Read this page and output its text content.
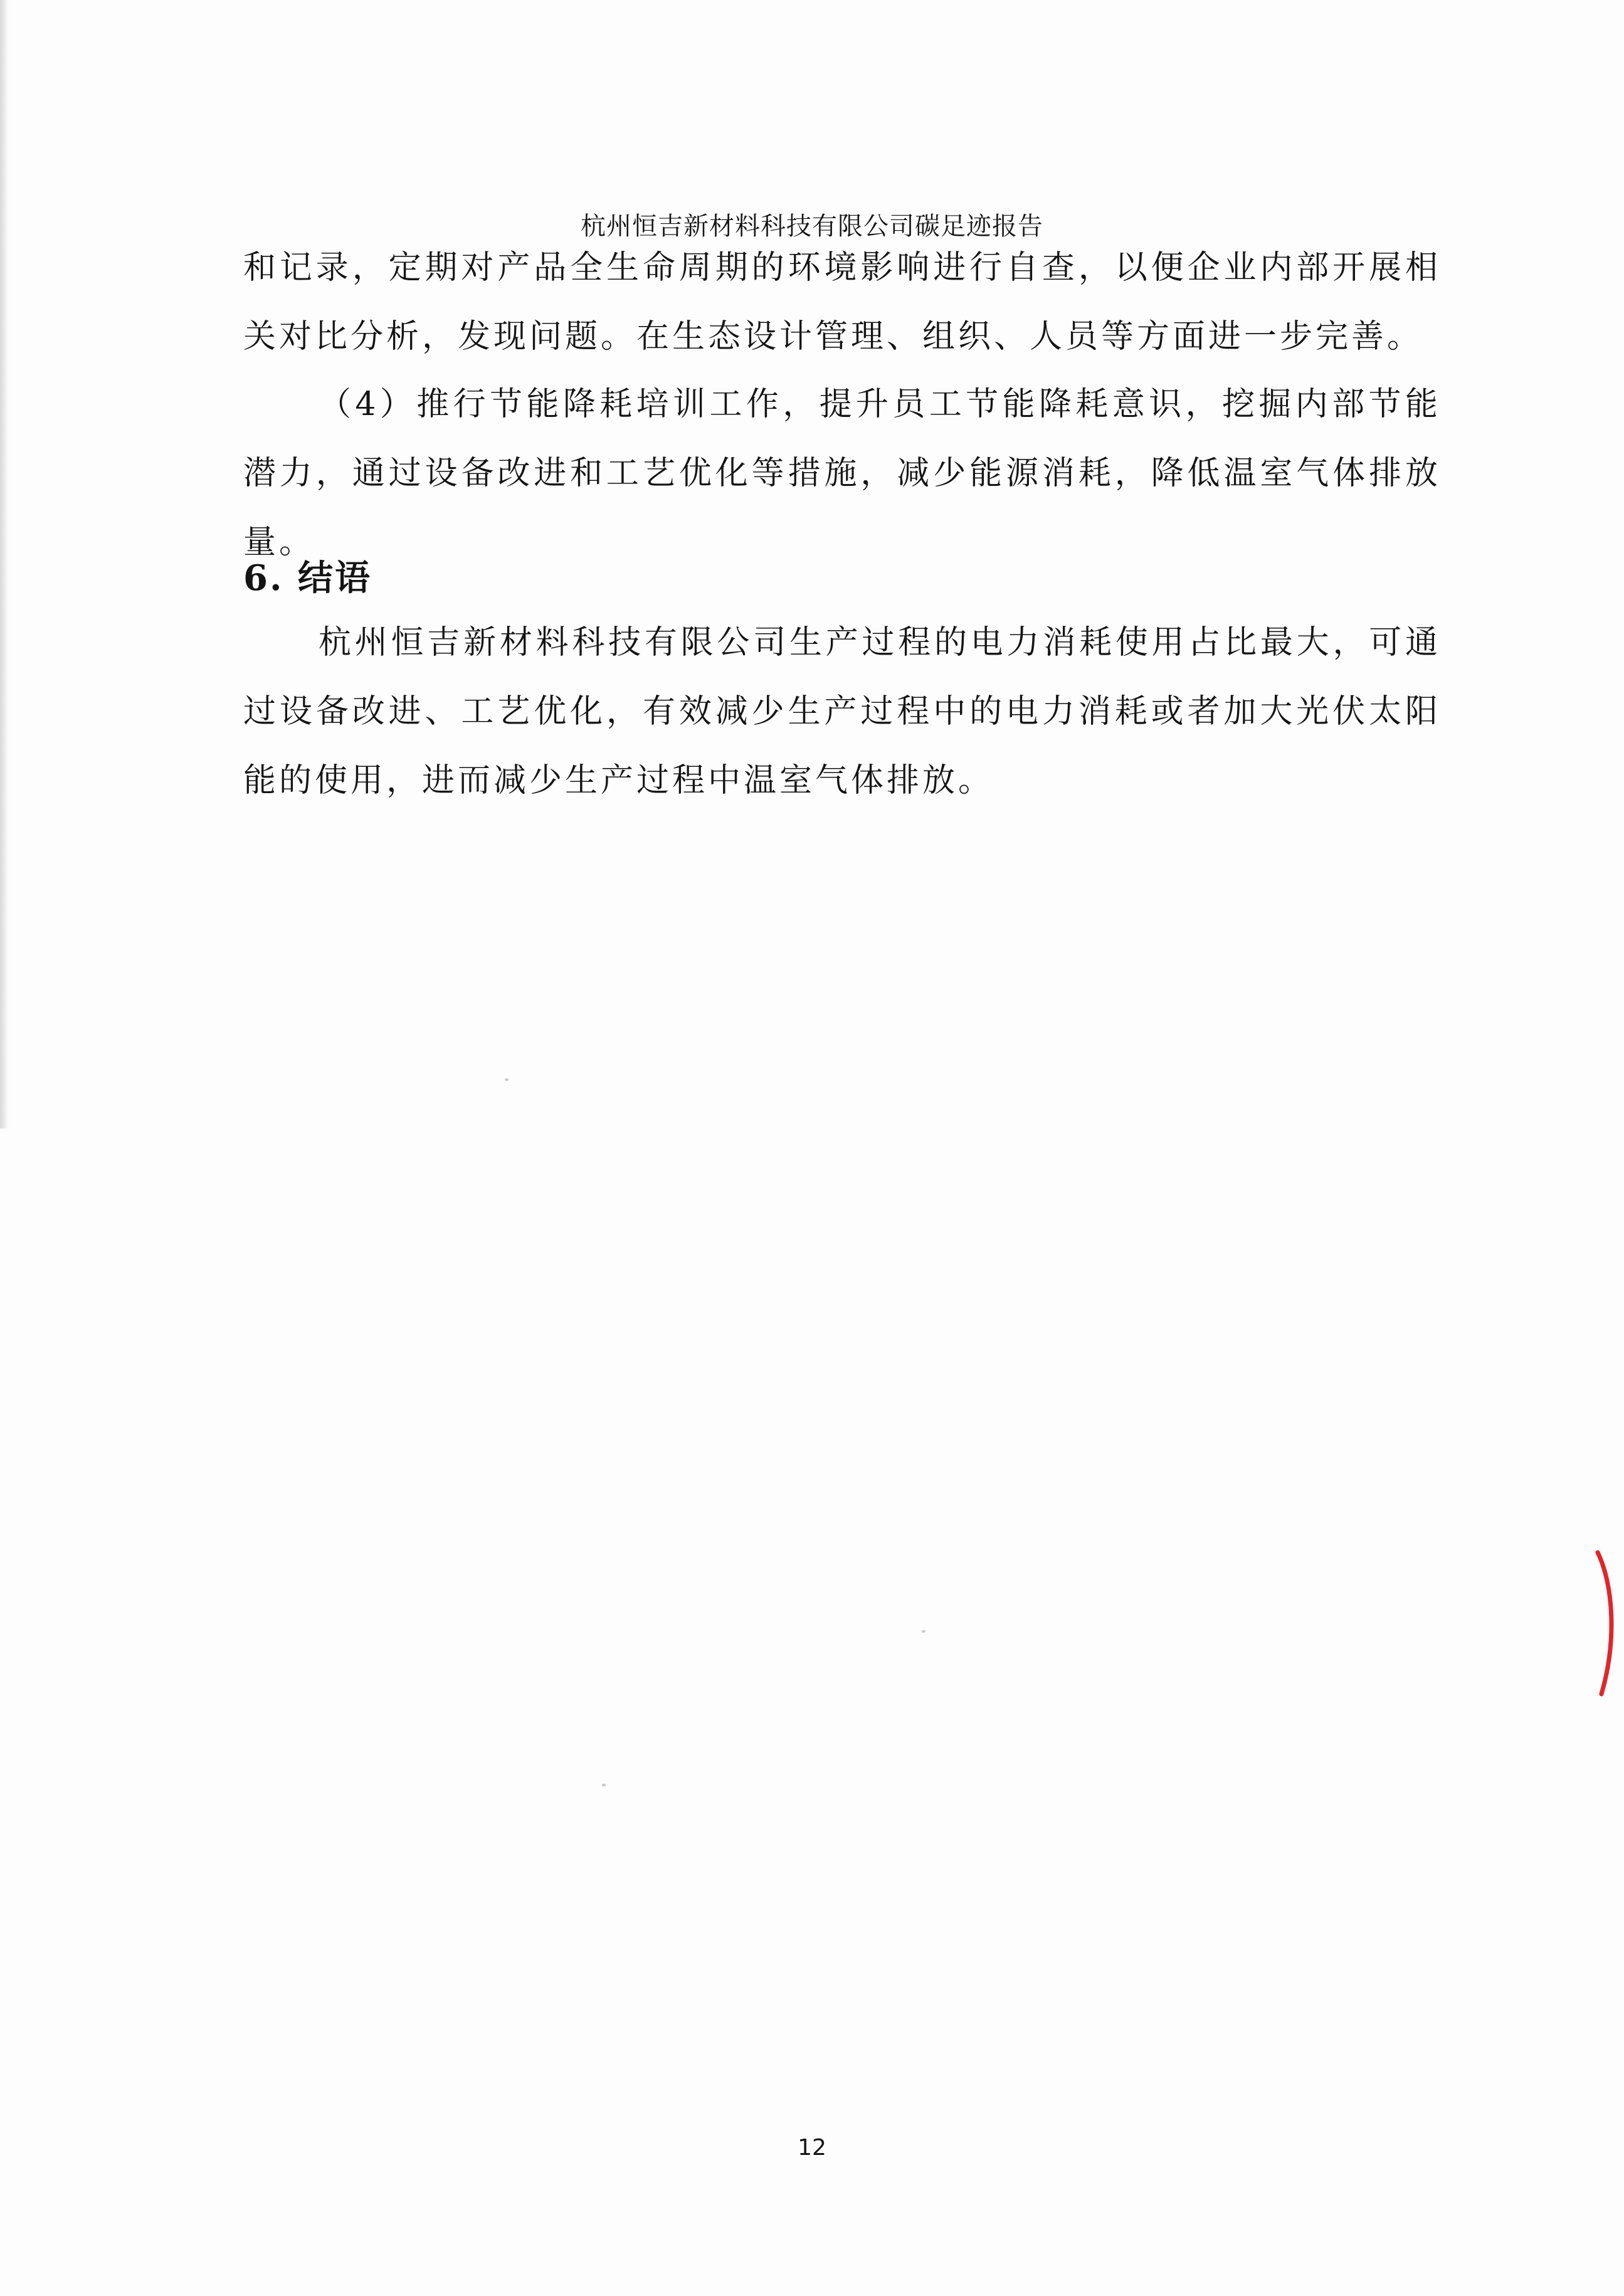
杭州恒吉新材料科技有限公司碳足迹报告

和记录，定期对产品全生命周期的环境影响进行自查，以便企业内部开展相关对比分析，发现问题。在生态设计管理、组织、人员等方面进一步完善。

（4）推行节能降耗培训工作，提升员工节能降耗意识，挖掘内部节能潜力，通过设备改进和工艺优化等措施，减少能源消耗，降低温室气体排放量。

6. 结语

杭州恒吉新材料科技有限公司生产过程的电力消耗使用占比最大，可通过设备改进、工艺优化，有效减少生产过程中的电力消耗或者加大光伏太阳能的使用，进而减少生产过程中温室气体排放。

12
